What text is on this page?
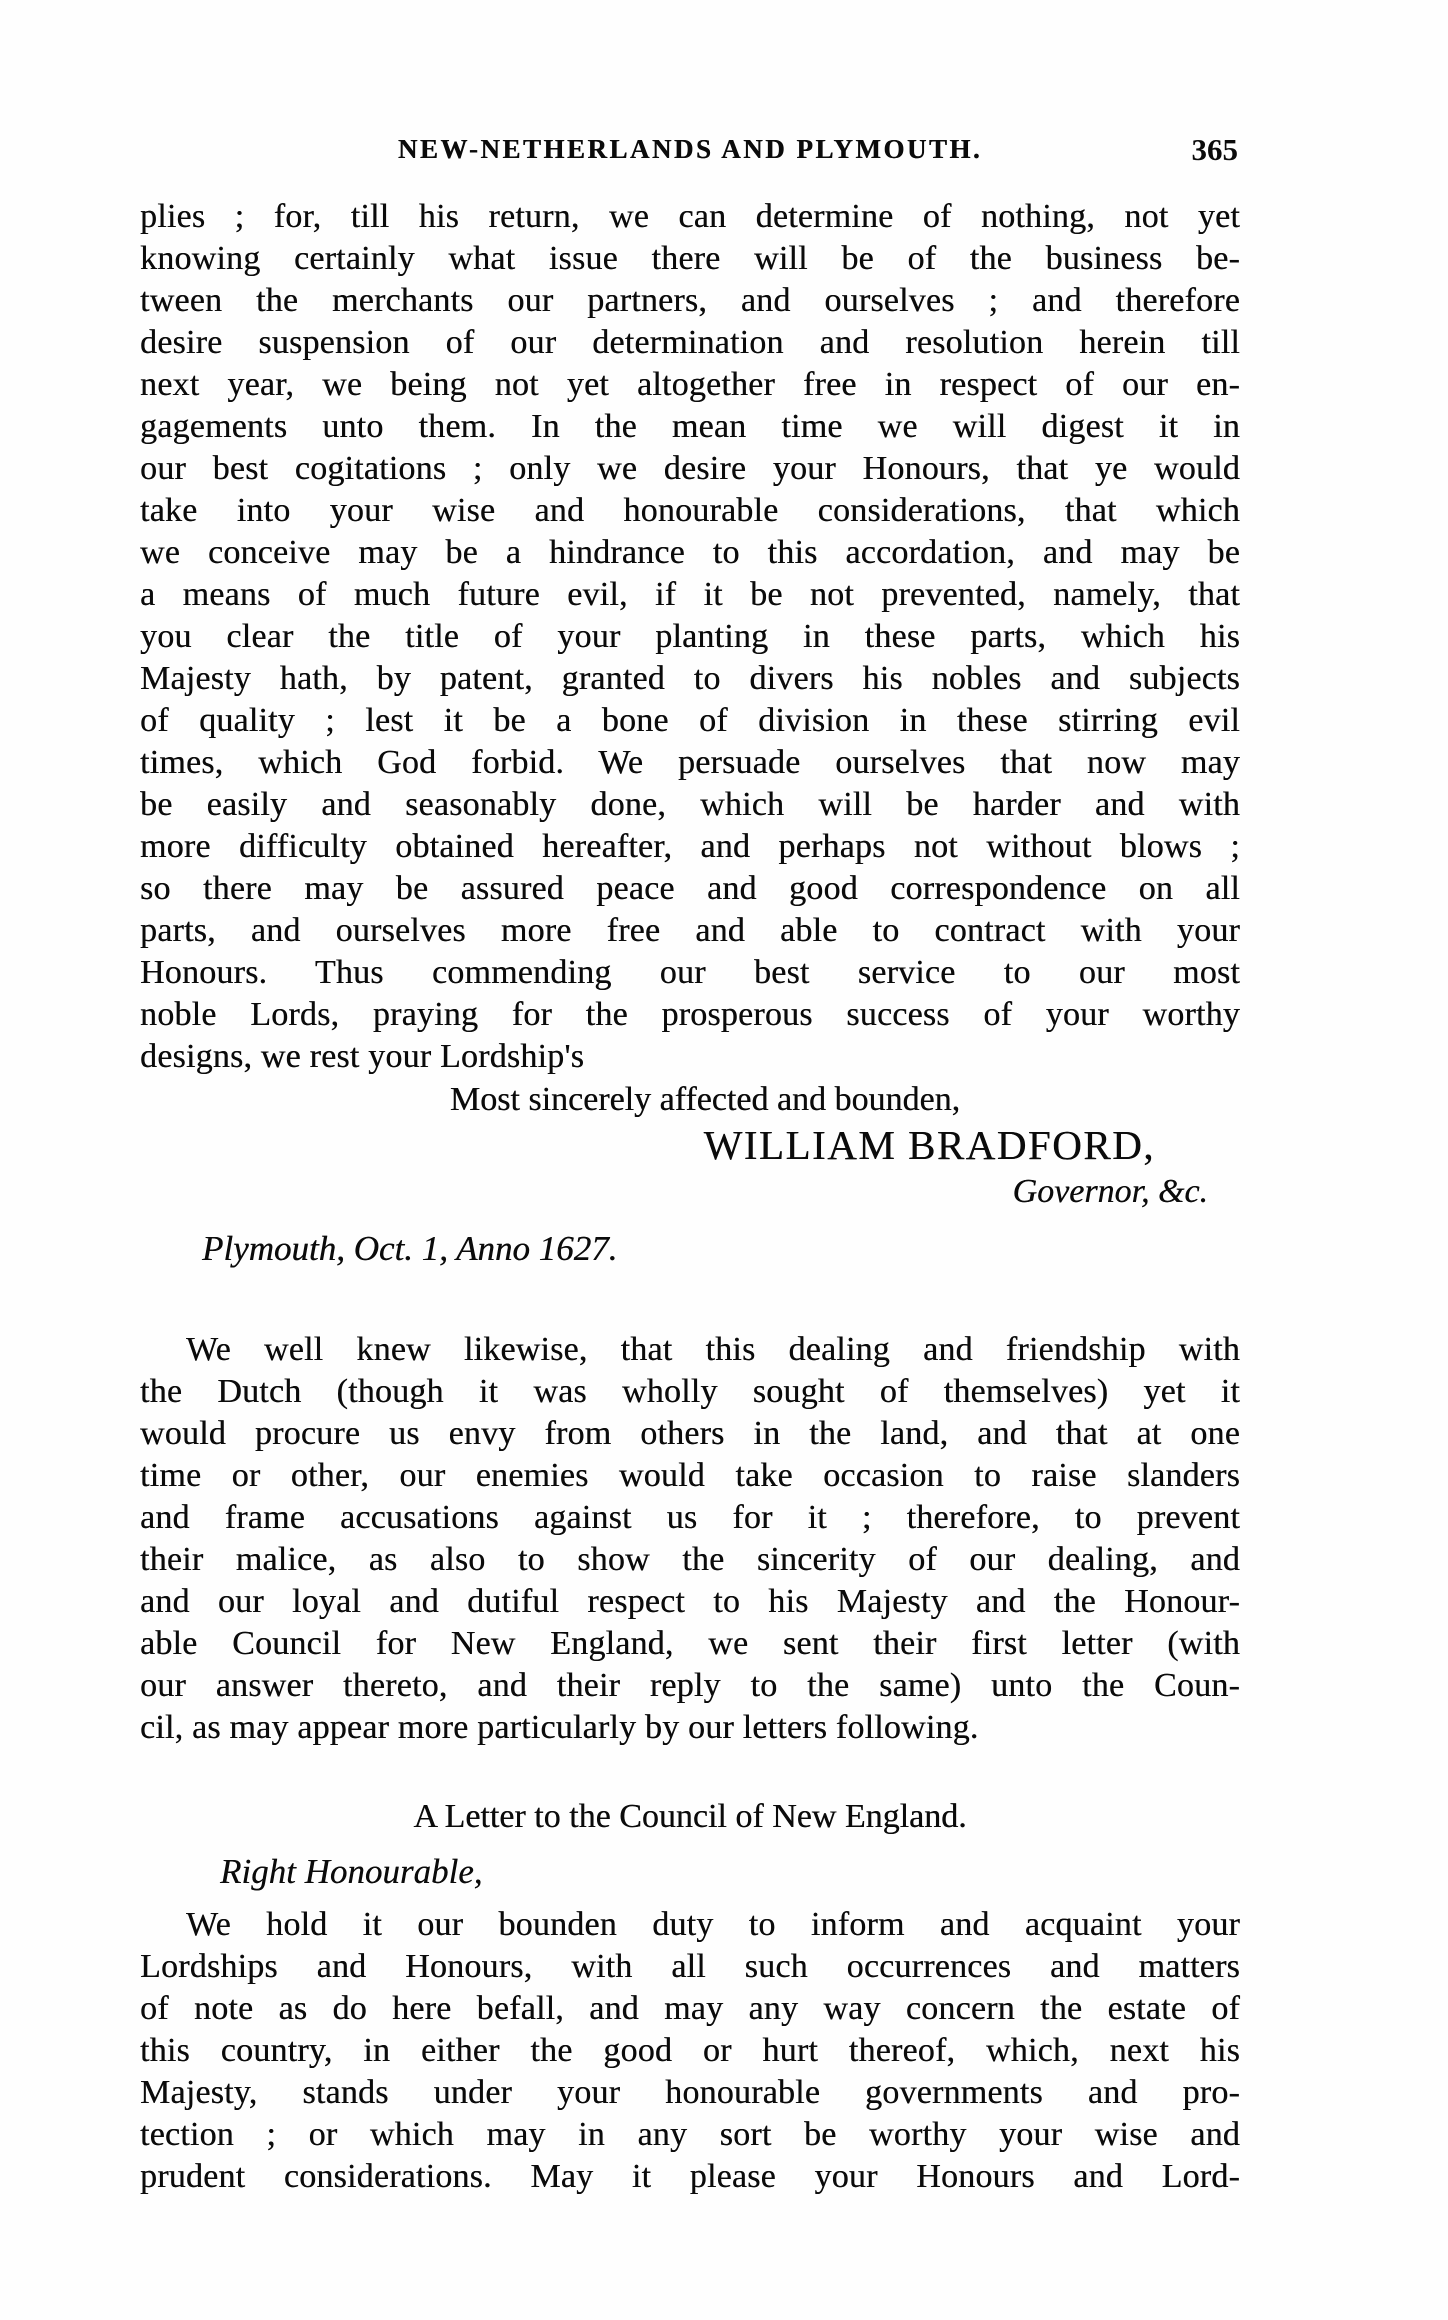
NEW-NETHERLANDS AND PLYMOUTH.	365
plies ; for, till his return, we can determine of nothing, not yet
knowing certainly what issue there will be of the business be-
tween the merchants our partners, and ourselves ; and therefore
desire suspension of our determination and resolution herein till
next year, we being not yet altogether free in respect of our en-
gagements unto them. In the mean time we will digest it in
our best cogitations ; only we desire your Honours, that ye would
take into your wise and honourable considerations, that which
we conceive may be a hindrance to this accordation, and may be
a means of much future evil, if it be not prevented, namely, that
you clear the title of your planting in these parts, which his
Majesty hath, by patent, granted to divers his nobles and subjects
of quality ; lest it be a bone of division in these stirring evil
times, which God forbid. We persuade ourselves that now may
be easily and seasonably done, which will be harder and with
more difficulty obtained hereafter, and perhaps not without blows ;
so there may be assured peace and good correspondence on all
parts, and ourselves more free and able to contract with your
Honours. Thus commending our best service to our most
noble Lords, praying for the prosperous success of your worthy
designs, we rest your Lordship's
Most sincerely affected and bounden,
WILLIAM BRADFORD,
Governor, &c.
Plymouth, Oct. 1, Anno 1627.
We well knew likewise, that this dealing and friendship with
the Dutch (though it was wholly sought of themselves) yet it
would procure us envy from others in the land, and that at one
time or other, our enemies would take occasion to raise slanders
and frame accusations against us for it ; therefore, to prevent
their malice, as also to show the sincerity of our dealing, and
and our loyal and dutiful respect to his Majesty and the Honour-
able Council for New England, we sent their first letter (with
our answer thereto, and their reply to the same) unto the Coun-
cil, as may appear more particularly by our letters following.
A Letter to the Council of New England.
Right Honourable,
We hold it our bounden duty to inform and acquaint your
Lordships and Honours, with all such occurrences and matters
of note as do here befall, and may any way concern the estate of
this country, in either the good or hurt thereof, which, next his
Majesty, stands under your honourable governments and pro-
tection ; or which may in any sort be worthy your wise and
prudent considerations. May it please your Honours and Lord-
